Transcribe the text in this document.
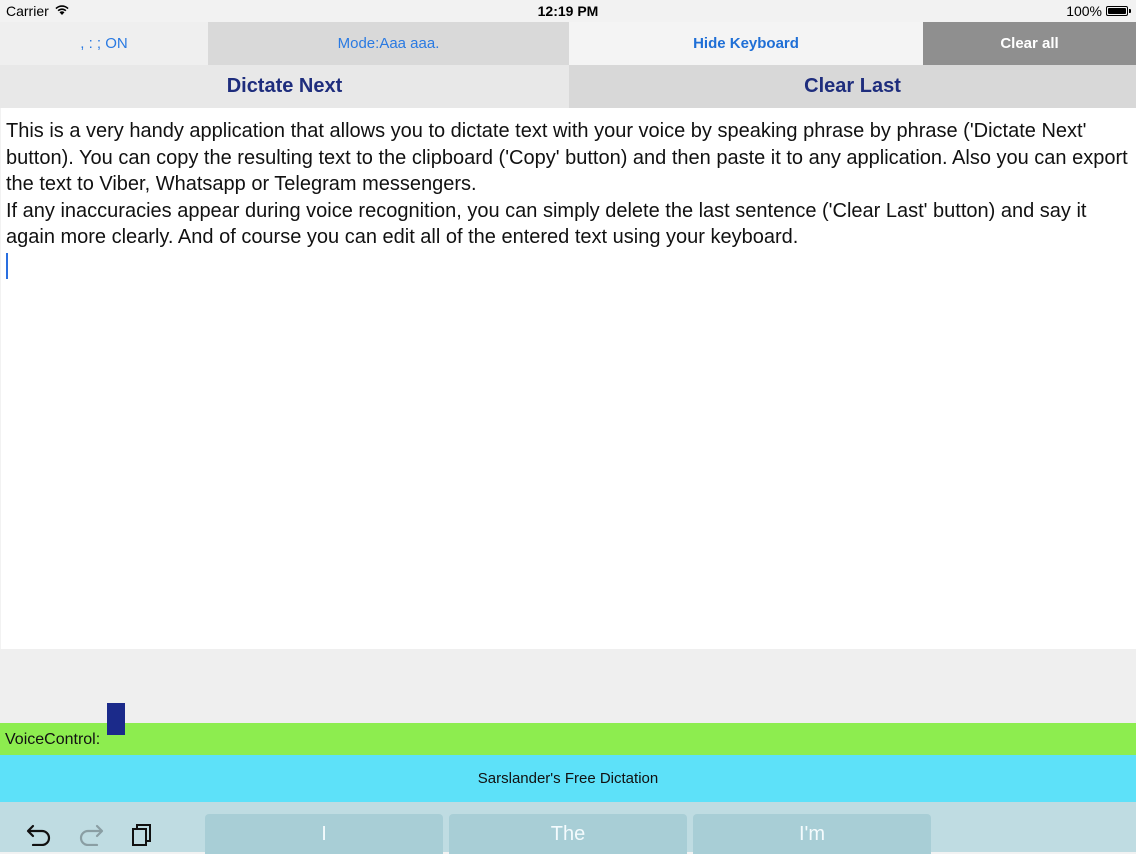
Carrier	12:19 PM	100%
, : ; ON	Mode:Aaa aaa.	Hide Keyboard	Clear all
Dictate Next	Clear Last

This is a very handy application that allows you to dictate text with your voice by speaking phrase by phrase ('Dictate Next' button). You can copy the resulting text to the clipboard ('Copy' button) and then paste it to any application. Also you can export the text to Viber, Whatsapp or Telegram messengers.

If any inaccuracies appear during voice recognition, you can simply delete the last sentence ('Clear Last' button) and say it again more clearly. And of course you can edit all of the entered text using your keyboard.

VoiceControl:
Sarslander's Free Dictation
I	The	I'm
